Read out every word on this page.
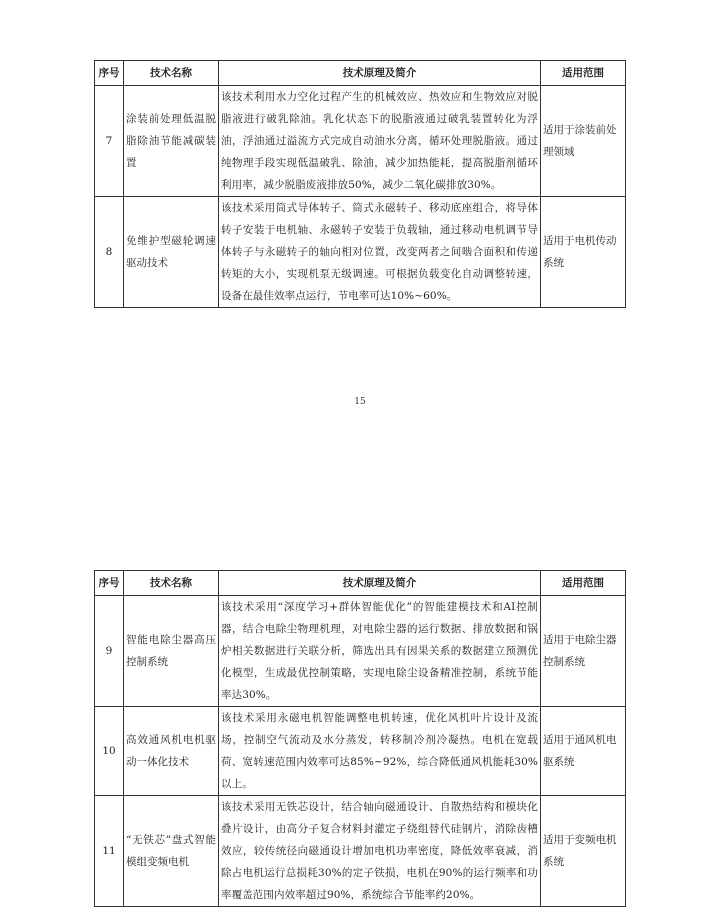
序号	技术名称	技术原理及简介	适用范围
7	涂装前处理低温脱脂除油节能减碳装置	该技术利用水力空化过程产生的机械效应、热效应和生物效应对脱脂液进行破乳除油。乳化状态下的脱脂液通过破乳装置转化为浮油，浮油通过溢流方式完成自动油水分离，循环处理脱脂液。通过纯物理手段实现低温破乳、除油，减少加热能耗，提高脱脂剂循环利用率，减少脱脂废液排放50%，减少二氧化碳排放30%。	适用于涂装前处理领域
8	免维护型磁轮调速驱动技术	该技术采用筒式导体转子、筒式永磁转子、移动底座组合，将导体转子安装于电机轴、永磁转子安装于负载轴，通过移动电机调节导体转子与永磁转子的轴向相对位置，改变两者之间啮合面积和传递转矩的大小，实现机泵无级调速。可根据负载变化自动调整转速，设备在最佳效率点运行，节电率可达10%~60%。	适用于电机传动系统
15
序号	技术名称	技术原理及简介	适用范围
9	智能电除尘器高压控制系统	该技术采用“深度学习+群体智能优化”的智能建模技术和AI控制器，结合电除尘物理机理，对电除尘器的运行数据、排放数据和锅炉相关数据进行关联分析，筛选出具有因果关系的数据建立预测优化模型，生成最优控制策略，实现电除尘设备精准控制，系统节能率达30%。	适用于电除尘器控制系统
10	高效通风机电机驱动一体化技术	该技术采用永磁电机智能调整电机转速，优化风机叶片设计及流场，控制空气流动及水分蒸发，转移制冷剂冷凝热。电机在宽载荷、宽转速范围内效率可达85%~92%，综合降低通风机能耗30%以上。	适用于通风机电驱系统
11	“无铁芯”盘式智能模组变频电机	该技术采用无铁芯设计，结合轴向磁通设计、自散热结构和模块化叠片设计，由高分子复合材料封灌定子绕组替代硅钢片，消除齿槽效应，较传统径向磁通设计增加电机功率密度，降低效率衰减，消除占电机运行总损耗30%的定子铁损，电机在90%的运行频率和功率覆盖范围内效率超过90%，系统综合节能率约20%。	适用于变频电机系统
